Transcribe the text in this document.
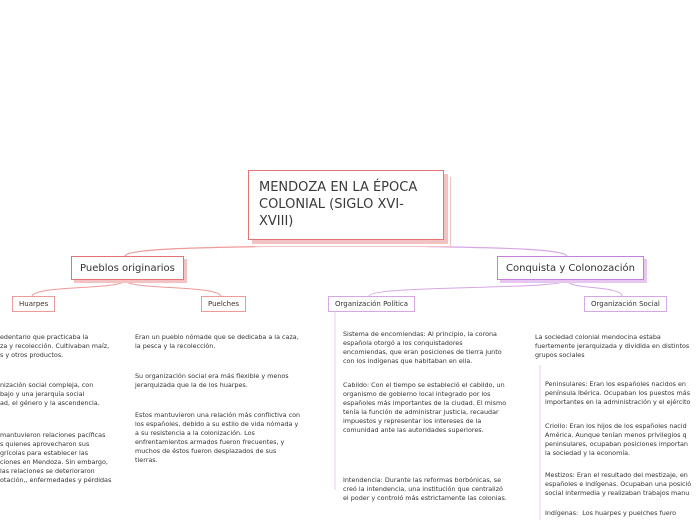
MENDOZA EN LA ÉPOCA COLONIAL (SIGLO XVI-XVIII)
Pueblos originarios	Conquista y Colonozación
Huarpes	Puelches	Organización Política	Organización Social
edentario que practicaba la
za y recolección. Cultivaban maíz,
s y otros productos.
nización social compleja, con
bajo y una jerarquía social
ad, el género y la ascendencia.
mantuvieron relaciones pacíficas
s quienes aprovecharon sus
grícolas para establecer las
ciones en Mendoza. Sin embargo,
las relaciones se deterioraron
otación,, enfermedades y pérdidas
Eran un pueblo nómade que se dedicaba a la caza,
la pesca y la recolección.
Su organización social era más flexible y menos
jerarquizada que la de los huarpes.
Estos mantuvieron una relación más conflictiva con
los españoles, debido a su estilo de vida nómada y
a su resistencia a la colonización. Los
enfrentamientos armados fueron frecuentes, y
muchos de éstos fueron desplazados de sus
tierras.
Sistema de encomiendas: Al principio, la corona
española otorgó a los conquistadores
encomiendas, que eran posiciones de tierra junto
con los indígenas que habitaban en ella.
Cabildo: Con el tiempo se estableció el cabildo, un
organismo de gobierno local integrado por los
españoles más importantes de la ciudad. El mismo
tenía la función de administrar justicia, recaudar
impuestos y representar los intereses de la
comunidad ante las autoridades superiores.
Intendencia: Durante las reformas borbónicas, se
creó la intendencia, una institución que centralizó
el poder y controló más estrictamente las colonias.
La sociedad colonial mendocina estaba
fuertemente jerarquizada y dividida en distintos
grupos sociales
Peninsulares: Eran los españoles nacidos en
península Ibérica. Ocupaban los puestos más
importantes en la administración y el ejército
Criollo: Eran los hijos de los españoles nacid
América. Aunque tenían menos privilegios q
peninsulares, ocupaban posiciones importan
la sociedad y la economía.
Mestizos: Eran el resultado del mestizaje, en
españoles e indígenas. Ocupaban una posició
social intermedia y realizaban trabajos manu
Indígenas:  Los huarpes y puelches fuero
